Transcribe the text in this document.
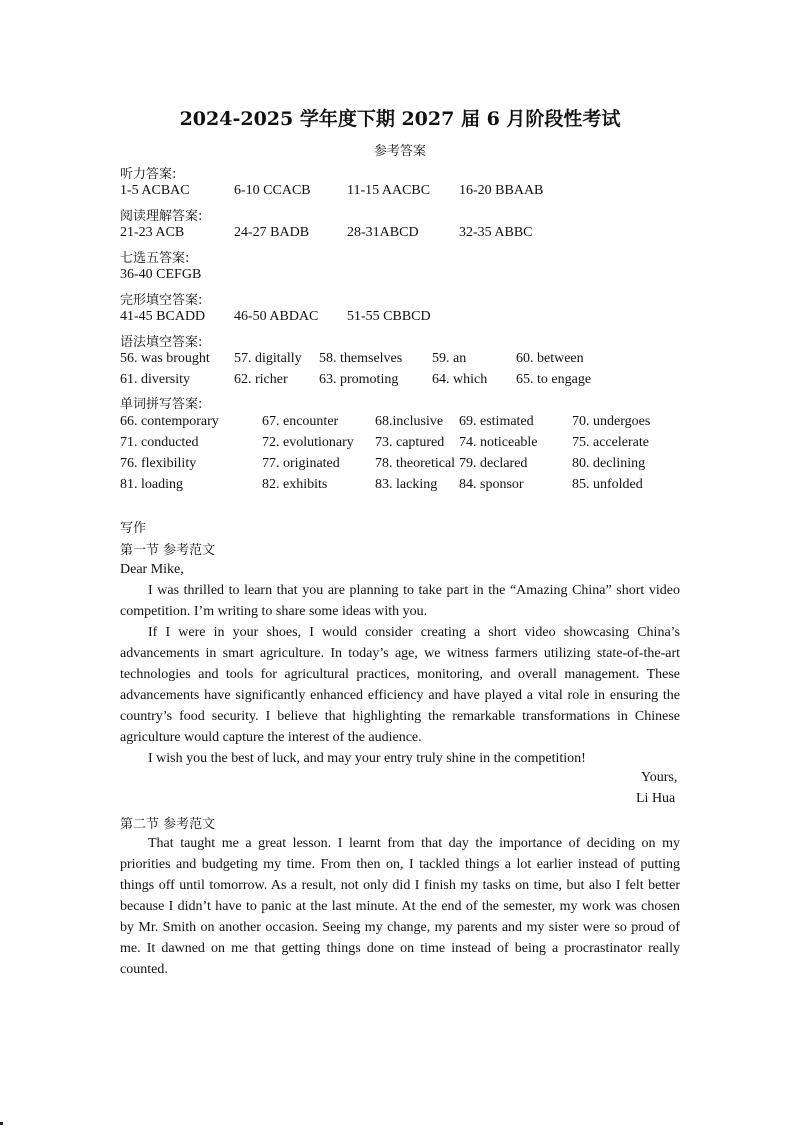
2024-2025 学年度下期 2027 届 6 月阶段性考试
参考答案
听力答案:
1-5 ACBAC	6-10 CCACB	11-15 AACBC 16-20 BBAAB
阅读理解答案:
21-23 ACB	24-27 BADB	28-31ABCD	32-35 ABBC
七选五答案:
36-40 CEFGB
完形填空答案:
41-45 BCADD 46-50 ABDAC 51-55 CBBCD
语法填空答案:
56. was brought 57. digitally 58. themselves 59. an	60. between
61. diversity	62. richer 63. promoting 64. which 65. to engage
单词拼写答案:
66. contemporary	67. encounter	68.inclusive 69. estimated	70. undergoes
71. conducted	72. evolutionary 73. captured 74. noticeable 75. accelerate
76. flexibility	77. originated	78. theoretical 79. declared	80. declining
81. loading	82. exhibits	83. lacking 84. sponsor	85. unfolded
写作
第一节 参考范文

Dear Mike,

I was thrilled to learn that you are planning to take part in the “Amazing China” short video competition. I’m writing to share some ideas with you.

If I were in your shoes, I would consider creating a short video showcasing China’s advancements in smart agriculture. In today’s age, we witness farmers utilizing state-of-the-art technologies and tools for agricultural practices, monitoring, and overall management. These advancements have significantly enhanced efficiency and have played a vital role in ensuring the country’s food security. I believe that highlighting the remarkable transformations in Chinese agriculture would capture the interest of the audience.

I wish you the best of luck, and may your entry truly shine in the competition!

Yours,
Li Hua
第二节 参考范文

That taught me a great lesson. I learnt from that day the importance of deciding on my priorities and budgeting my time. From then on, I tackled things a lot earlier instead of putting things off until tomorrow. As a result, not only did I finish my tasks on time, but also I felt better because I didn’t have to panic at the last minute. At the end of the semester, my work was chosen by Mr. Smith on another occasion. Seeing my change, my parents and my sister were so proud of me. It dawned on me that getting things done on time instead of being a procrastinator really counted.
